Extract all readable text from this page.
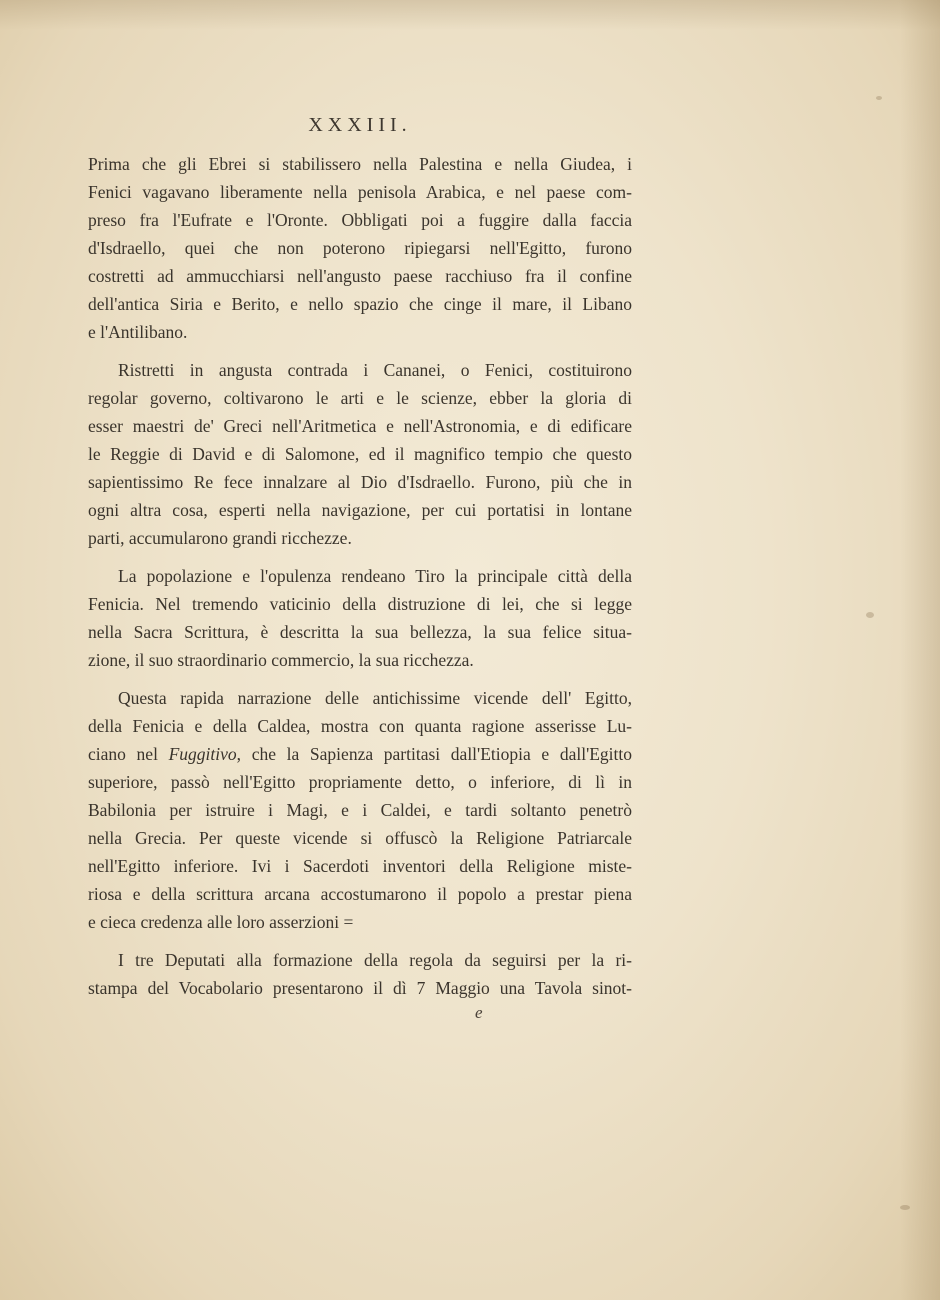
XXXIII.
Prima che gli Ebrei si stabilissero nella Palestina e nella Giudea, i
Fenici vagavano liberamente nella penisola Arabica, e nel paese com-
preso fra l'Eufrate e l'Oronte. Obbligati poi a fuggire dalla faccia
d'Isdraello, quei che non poterono ripiegarsi nell'Egitto, furono
costretti ad ammucchiarsi nell'angusto paese racchiuso fra il confine
dell'antica Siria e Berito, e nello spazio che cinge il mare, il Libano
e l'Antilibano.
Ristretti in angusta contrada i Cananei, o Fenici, costituirono
regolar governo, coltivarono le arti e le scienze, ebber la gloria di
esser maestri de' Greci nell'Aritmetica e nell'Astronomia, e di edificare
le Reggie di David e di Salomone, ed il magnifico tempio che questo
sapientissimo Re fece innalzare al Dio d'Isdraello. Furono, più che in
ogni altra cosa, esperti nella navigazione, per cui portatisi in lontane
parti, accumularono grandi ricchezze.
La popolazione e l'opulenza rendeano Tiro la principale città della
Fenicia. Nel tremendo vaticinio della distruzione di lei, che si legge
nella Sacra Scrittura, è descritta la sua bellezza, la sua felice situa-
zione, il suo straordinario commercio, la sua ricchezza.
Questa rapida narrazione delle antichissime vicende dell' Egitto,
della Fenicia e della Caldea, mostra con quanta ragione asserisse Lu-
ciano nel Fuggitivo, che la Sapienza partitasi dall'Etiopia e dall'Egitto
superiore, passò nell'Egitto propriamente detto, o inferiore, di lì in
Babilonia per istruire i Magi, e i Caldei, e tardi soltanto penetrò
nella Grecia. Per queste vicende si offuscò la Religione Patriarcale
nell'Egitto inferiore. Ivi i Sacerdoti inventori della Religione miste-
riosa e della scrittura arcana accostumarono il popolo a prestar piena
e cieca credenza alle loro asserzioni =
I tre Deputati alla formazione della regola da seguirsi per la ri-
stampa del Vocabolario presentarono il dì 7 Maggio una Tavola sinot-
e
